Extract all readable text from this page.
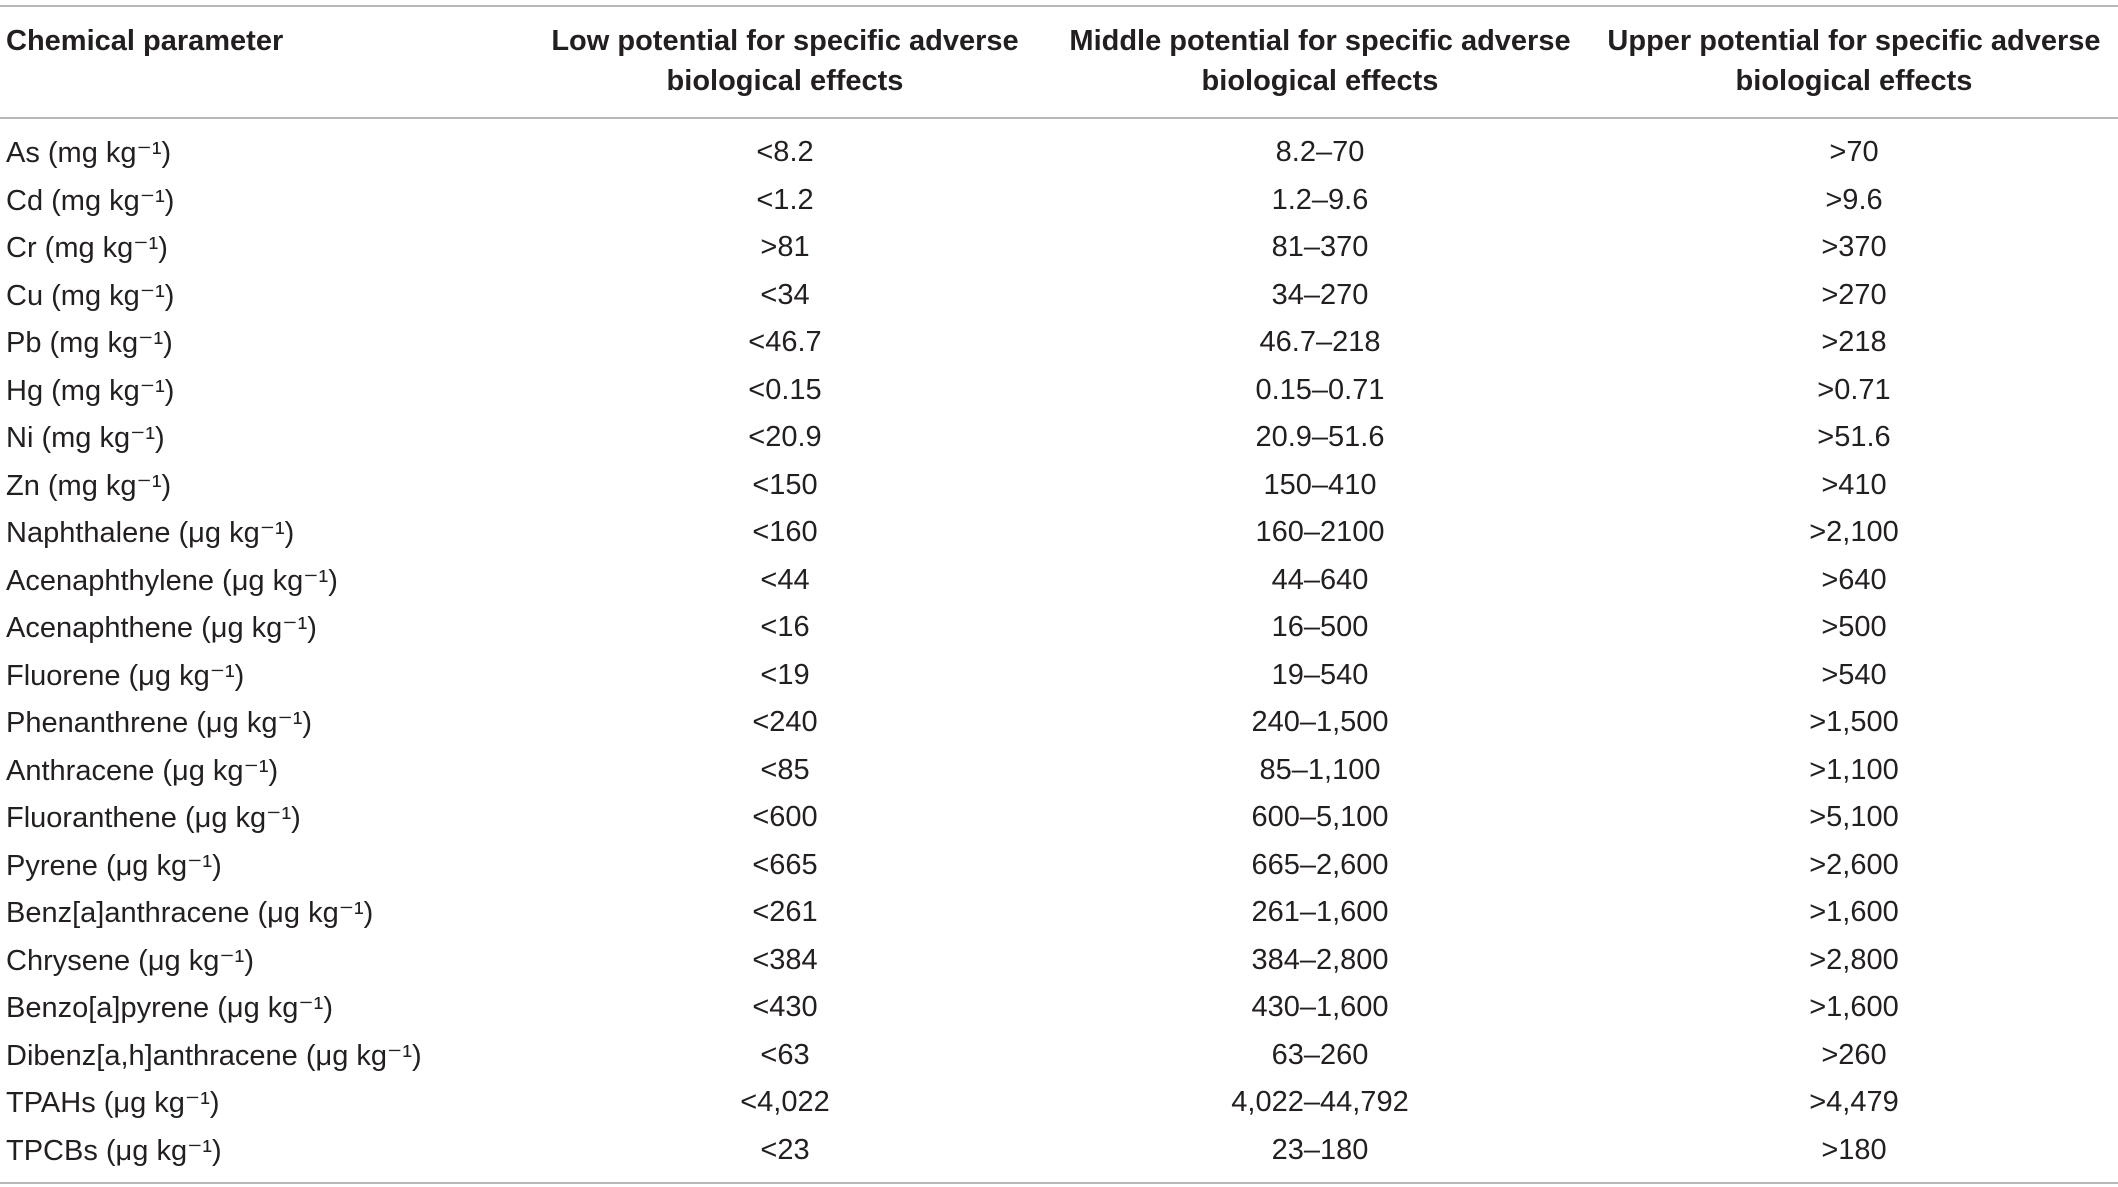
Chemical parameter	Low potential for specific adverse biological effects	Middle potential for specific adverse biological effects	Upper potential for specific adverse biological effects
As (mg kg⁻¹)	<8.2	8.2–70	>70
Cd (mg kg⁻¹)	<1.2	1.2–9.6	>9.6
Cr (mg kg⁻¹)	>81	81–370	>370
Cu (mg kg⁻¹)	<34	34–270	>270
Pb (mg kg⁻¹)	<46.7	46.7–218	>218
Hg (mg kg⁻¹)	<0.15	0.15–0.71	>0.71
Ni (mg kg⁻¹)	<20.9	20.9–51.6	>51.6
Zn (mg kg⁻¹)	<150	150–410	>410
Naphthalene (μg kg⁻¹)	<160	160–2100	>2,100
Acenaphthylene (μg kg⁻¹)	<44	44–640	>640
Acenaphthene (μg kg⁻¹)	<16	16–500	>500
Fluorene (μg kg⁻¹)	<19	19–540	>540
Phenanthrene (μg kg⁻¹)	<240	240–1,500	>1,500
Anthracene (μg kg⁻¹)	<85	85–1,100	>1,100
Fluoranthene (μg kg⁻¹)	<600	600–5,100	>5,100
Pyrene (μg kg⁻¹)	<665	665–2,600	>2,600
Benz[a]anthracene (μg kg⁻¹)	<261	261–1,600	>1,600
Chrysene (μg kg⁻¹)	<384	384–2,800	>2,800
Benzo[a]pyrene (μg kg⁻¹)	<430	430–1,600	>1,600
Dibenz[a,h]anthracene (μg kg⁻¹)	<63	63–260	>260
TPAHs (μg kg⁻¹)	<4,022	4,022–44,792	>4,479
TPCBs (μg kg⁻¹)	<23	23–180	>180
